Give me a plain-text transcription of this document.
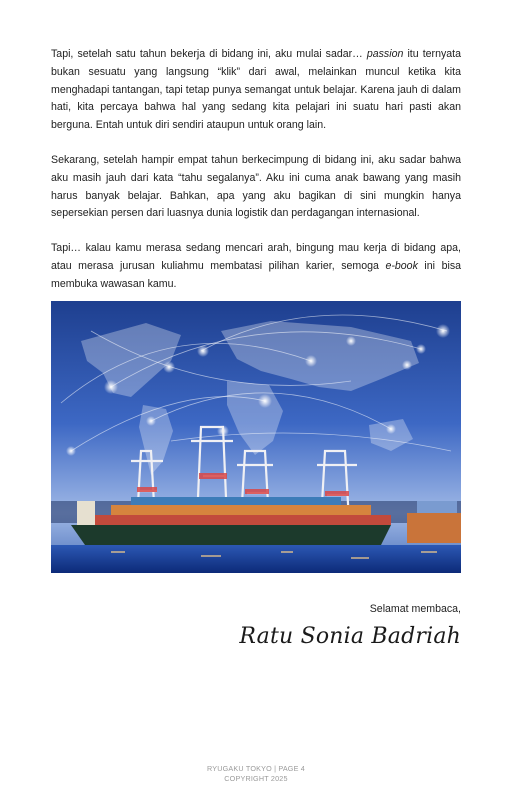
Tapi, setelah satu tahun bekerja di bidang ini, aku mulai sadar… passion itu ternyata bukan sesuatu yang langsung “klik” dari awal, melainkan muncul ketika kita menghadapi tantangan, tapi tetap punya semangat untuk belajar. Karena jauh di dalam hati, kita percaya bahwa hal yang sedang kita pelajari ini suatu hari pasti akan berguna. Entah untuk diri sendiri ataupun untuk orang lain.

Sekarang, setelah hampir empat tahun berkecimpung di bidang ini, aku sadar bahwa aku masih jauh dari kata “tahu segalanya”. Aku ini cuma anak bawang yang masih harus banyak belajar. Bahkan, apa yang aku bagikan di sini mungkin hanya sepersekian persen dari luasnya dunia logistik dan perdagangan internasional.

Tapi… kalau kamu merasa sedang mencari arah, bingung mau kerja di bidang apa, atau merasa jurusan kuliahmu membatasi pilihan karier, semoga e-book ini bisa membuka wawasan kamu.

Selamat membaca,
Ratu Sonia Badriah
RYUGAKU TOKYO | PAGE 4
COPYRIGHT 2025
